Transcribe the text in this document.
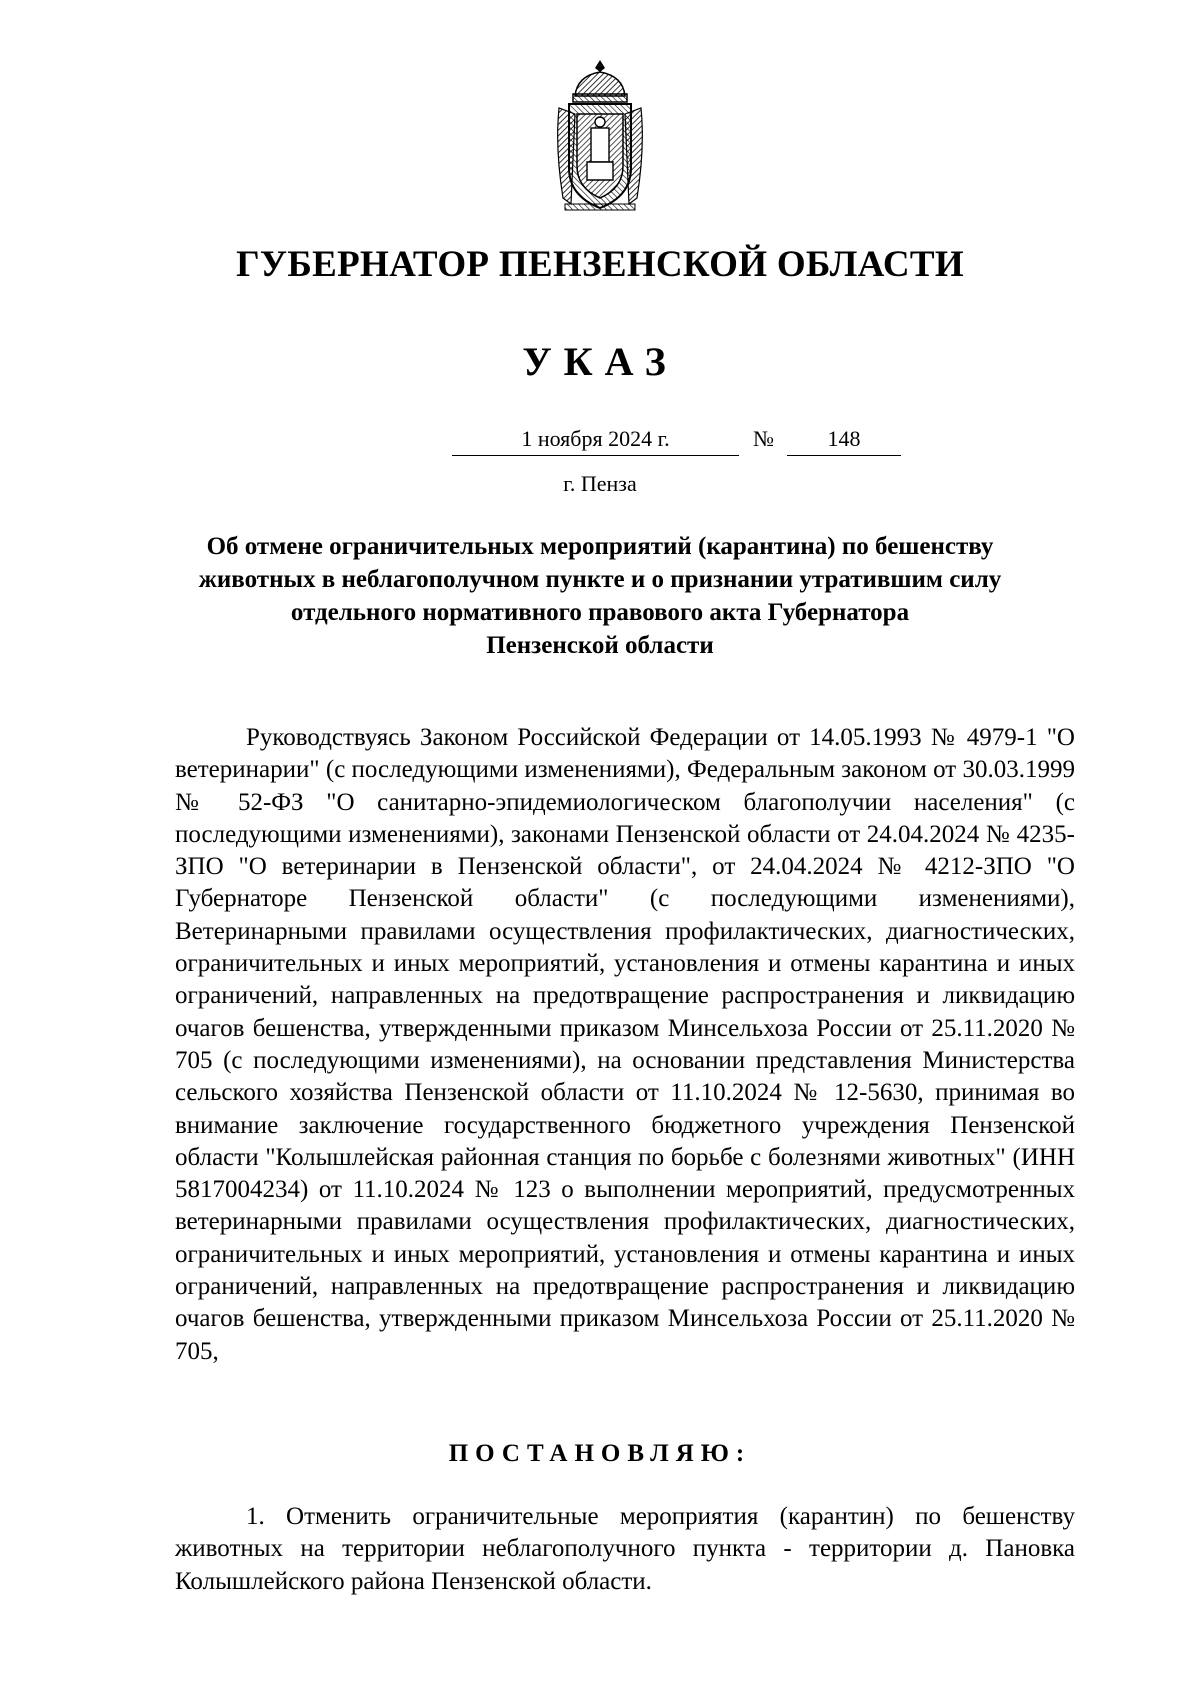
ГУБЕРНАТОР ПЕНЗЕНСКОЙ ОБЛАСТИ
УКАЗ
1 ноября 2024 г.	№	148
г. Пенза
Об отмене ограничительных мероприятий (карантина) по бешенству
животных в неблагополучном пункте и о признании утратившим силу
отдельного нормативного правового акта Губернатора
Пензенской области

Руководствуясь Законом Российской Федерации от 14.05.1993 № 4979-1 "О ветеринарии" (с последующими изменениями), Федеральным законом от 30.03.1999 № 52-ФЗ "О санитарно-эпидемиологическом благополучии населения" (с последующими изменениями), законами Пензенской области от 24.04.2024 № 4235-ЗПО "О ветеринарии в Пензенской области", от 24.04.2024 № 4212-ЗПО "О Губернаторе Пензенской области" (с последующими изменениями), Ветеринарными правилами осуществления профилактических, диагностических, ограничительных и иных мероприятий, установления и отмены карантина и иных ограничений, направленных на предотвращение распространения и ликвидацию очагов бешенства, утвержденными приказом Минсельхоза России от 25.11.2020 № 705 (с последующими изменениями), на основании представления Министерства сельского хозяйства Пензенской области от 11.10.2024 № 12-5630, принимая во внимание заключение государственного бюджетного учреждения Пензенской области "Колышлейская районная станция по борьбе с болезнями животных" (ИНН 5817004234) от 11.10.2024 № 123 о выполнении мероприятий, предусмотренных ветеринарными правилами осуществления профилактических, диагностических, ограничительных и иных мероприятий, установления и отмены карантина и иных ограничений, направленных на предотвращение распространения и ликвидацию очагов бешенства, утвержденными приказом Минсельхоза России от 25.11.2020 № 705,

ПОСТАНОВЛЯЮ:

1. Отменить ограничительные мероприятия (карантин) по бешенству животных на территории неблагополучного пункта - территории д. Пановка Колышлейского района Пензенской области.
